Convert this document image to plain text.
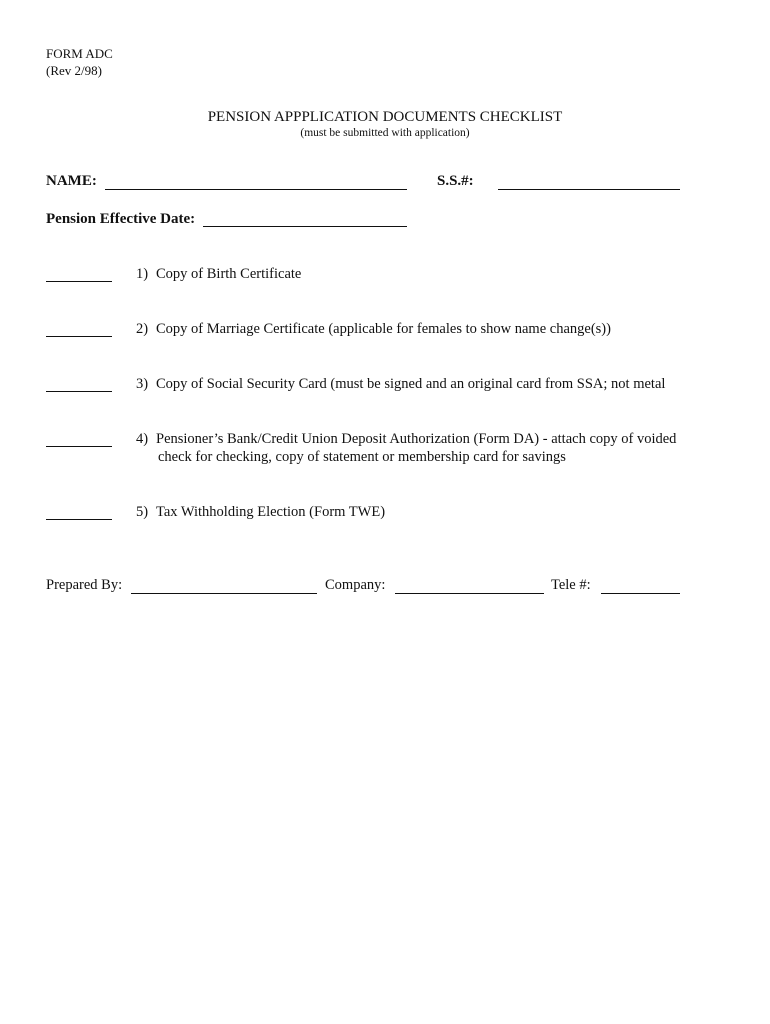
FORM ADC
(Rev 2/98)
PENSION APPPLICATION DOCUMENTS CHECKLIST
(must be submitted with application)
NAME:	S.S.#:
Pension Effective Date:
1) Copy of Birth Certificate
2) Copy of Marriage Certificate (applicable for females to show name change(s))
3) Copy of Social Security Card (must be signed and an original card from SSA; not metal
4) Pensioner’s Bank/Credit Union Deposit Authorization (Form DA) - attach copy of voided
check for checking, copy of statement or membership card for savings
5) Tax Withholding Election (Form TWE)
Prepared By:	Company:	Tele #:
